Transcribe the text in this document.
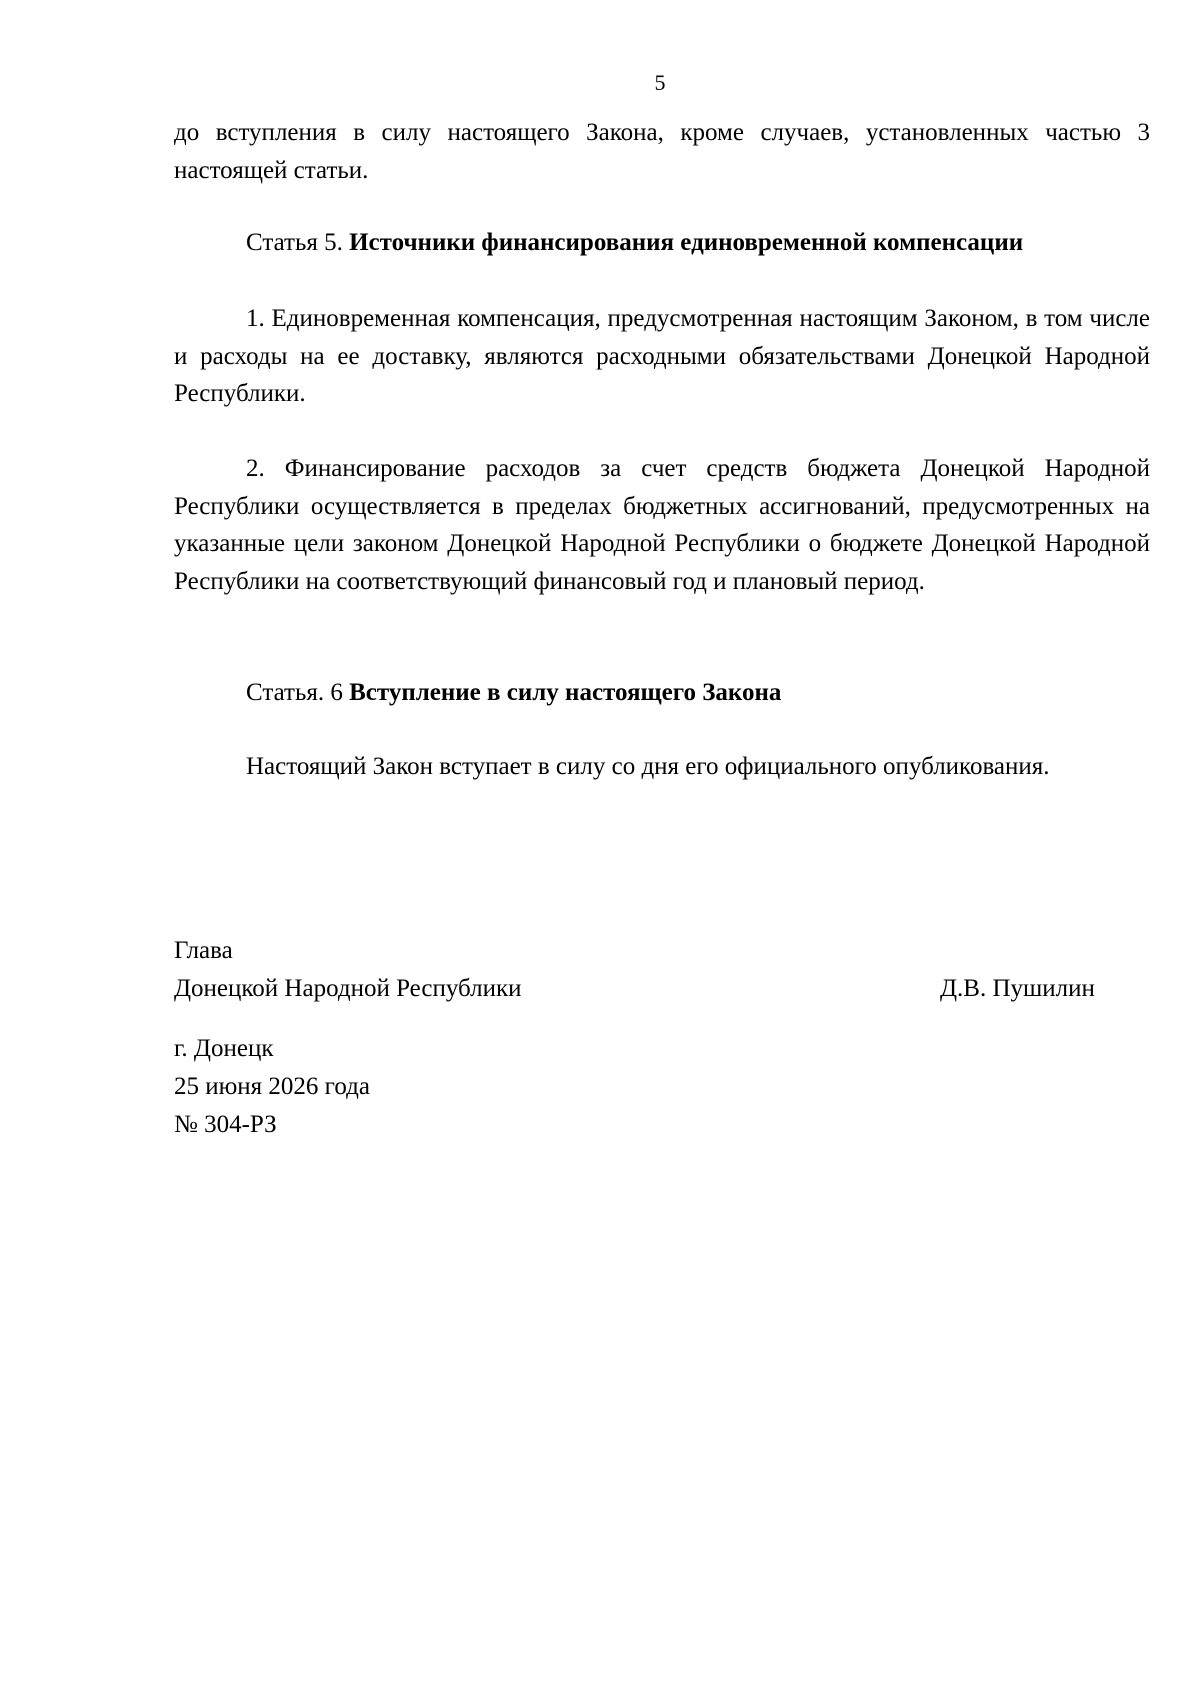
5
до вступления в силу настоящего Закона, кроме случаев, установленных частью 3 настоящей статьи.
Статья 5. Источники финансирования единовременной компенсации
1. Единовременная компенсация, предусмотренная настоящим Законом, в том числе и расходы на ее доставку, являются расходными обязательствами Донецкой Народной Республики.
2. Финансирование расходов за счет средств бюджета Донецкой Народной Республики осуществляется в пределах бюджетных ассигнований, предусмотренных на указанные цели законом Донецкой Народной Республики о бюджете Донецкой Народной Республики на соответствующий финансовый год и плановый период.
Статья. 6 Вступление в силу настоящего Закона
Настоящий Закон вступает в силу со дня его официального опубликования.
Глава
Донецкой Народной Республики	Д.В. Пушилин
г. Донецк
25 июня 2026 года
№ 304-РЗ
